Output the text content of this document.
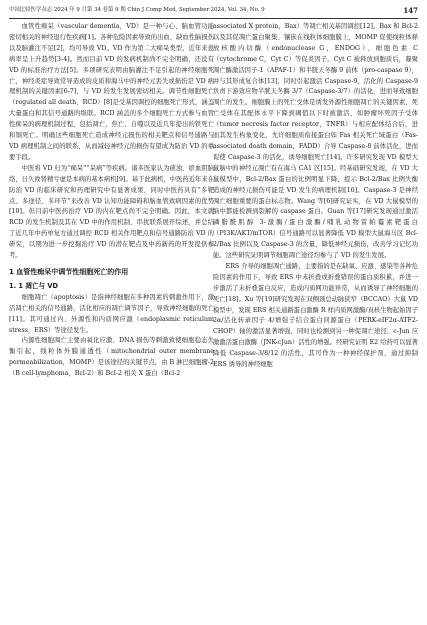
中国比较医学杂志 2024 年 9 月第 34 卷第 9 期 Chin J Comp Med, September 2024, Vol. 34, No. 9	147

血管性痴呆（vascular dementia，VD）是一种与心、脑血管功能密切相关的神经退行性疾病[1]。各种危险因素导致的出血、缺血性脑损伤以及脑灌注不足[2]，均可导致 VD。VD 作为第二大痴呆类型，近年来患病率呈上升趋势[3-4]。然而目前 VD 的发病机制尚不完全明确，还没有 VD 的标准治疗方法[5]。多项研究表明由脑灌注不足引起的神经细胞死亡，神经炎症导致常导造成的皮质和海马中的神经元丢失或损伤是 VD 病理机制的关键因素[6-7]，与 VD 的发生发展密切相关。调节性细胞死亡（regulated all death，RCD）[8]是受基因调控的细胞死亡形式，涵盖大量蛋白和其信号通路的级联。RCD 涵盖的多个细胞死亡方式参与血管性痴呆的病理机制过程，包括凋亡、焦亡、自噬以及近几年提出的铁死亡和铜死亡。明确这些细胞死亡造成神经元损伤的相关靶点和信号通路与 VD 病理机制之间的联系，从而减轻神经元的损伤有望成为防治 VD 的重要手段。

中医将 VD 归为“痴呆”“呆病”等疾病。诸多医家认为痰浊、瘀血阴脑络，日久致肾精亏虚是本病的基本病机[9]。基于此病机，中医药近年来在防治 VD 的临床研究和药理研究中有显著成果，同时中医药具有“多靶点、多途径、多环节”来改善 VD 认知功能障碍和脑血管致病因素的优势[10]。但目前中医药治疗 VD 的内在靶点尚不完全明确。因此，本文就 RCD 的发生机制及其在 VD 中的作用机制、串扰联系展开综述，并总结了近几年中药单复方通过调控 RCD 相关作用靶点和信号通路防治 VD 的研究，以期为进一步挖掘治疗 VD 的潜在靶点及中药新药的开发提供参考。

1 血管性痴呆中调节性细胞死亡的作用
1. 1 凋亡与 VD

细胞凋亡（apoptosis）是指神经细胞在多种因素的刺激作用下，激活凋亡相关的信号通路，活化相应的凋亡调节因子，导致神经细胞的死亡[11]。其可通过内、外源性和内质网应激（endoplasmic reticulum stress，ERS）等途径发生。

内源性细胞凋亡主要由氧化应激、DNA 损伤等刺激致使细胞稳态失衡引起，线粒体外膜通透性（mitochondrial outer membrane permeabilization，MOMP）是该途径的关键节点，由 B 淋巴细胞瘤-2（B cell-lymphoma，Bcl-2）和 Bcl-2 相关 X 蛋白（Bcl-2

associated X protein，Bax）等凋亡相关基因调控[12]。Bax 和 Bcl-2 以及其促凋亡蛋白聚集、镶嵌在线粒体细胞膜上，MOMP 促使线粒体释放核酸内切酶（endonuclease G，ENDOG）、细胞色素 C（cytochrome C，Cyt C）等促炎因子。Cyt C 被释放到胞质后，凝聚凋亡酶激活因子-1（APAF-1）和半胱天冬酶 9 前体（pro-caspase 9），并与其形成复合体[13]，同时引起激活 Caspase-9，活化的 Caspase-9 负责下游效应物半胱天冬酶 3/7（Caspase-3/7）的活化，进而导致细胞凋亡的发生。细胞膜上的死亡受体是诱发外源性细胞凋亡的关键因素，死亡受体在其配体水平下降到阈值以下时被激活，如肿瘤坏死因子受体（tumor necrosis factor receptor，TNFR）与相应配体结合后，进而其发生构象变化，允许细胞质衔接蛋白如 Fas 相关死亡域蛋白（Fas-associated death domain，FADD）合导 Caspase-8 前体活化，进而促使 Caspase-3 的活化，诱导细胞死亡[14]。许多研究发现 VD 模型大鼠脑中的神经元凋亡有在海马 CA1 区[15]。经基础研究发现，在 VD 大鼠模型中，Bcl-2/Bax 蛋白的比例明显下降，提示 Bcl-2/Bax 比例失衡造成的神经元损伤可能是 VD 发生的病理机制[16]。Caspase-3 是神经凋亡细胞重要的蛋白标志物。Wang 等[6]研究证实，在 VD 大鼠模型的脑中都能检测到裂解的 caspase 蛋白。Guan 等[17]研究发现通过激活磷脂酰肌醇 3-激酶/蛋白激酶/哺乳动物雷帕霉素靶蛋白（PI3K/AKT/mTOR）信号通路可以显著降低 VD 模型大鼠海马区 Bcl-2/Bax 比例以及 Caspase-3 的含量，降低神经元损伤，改善学习记忆功能。这些研究证明调节细胞凋亡途径均参与了 VD 的发生发展。

ERS 介导的细胞凋亡通路，主要指的是在缺氧、应激、感染等各种危险因素的作用下，导致 ERS 中未折叠或折叠错误的蛋白质积累，并进一步激活了未折叠蛋白反应，造成内质网功能异常，从而诱导了神经细胞的死亡[18]。Xu 等[19]研究发现在双侧颈总动脉狭窄（BCCAO）大鼠 VD 模型中，发现 ERS 相关通路蛋白激酶 R 样内质网激酶/真核生物起始因子 2α/活化转录因子 4/增强子结合蛋白同源蛋白（PERK-eIF2α-ATF2-CHOP）轴的激活显著增强，同时也检测到另一种促凋亡途径，c-Jun 应激激活蛋白激酶（JNK-cJun）活性的增强。经研究证明 E2 给药可以显著降低 Caspase-3/8/12 的活性，其可作为一种神经保护剂，通过抑制 ERS 诱导的神经细胞
